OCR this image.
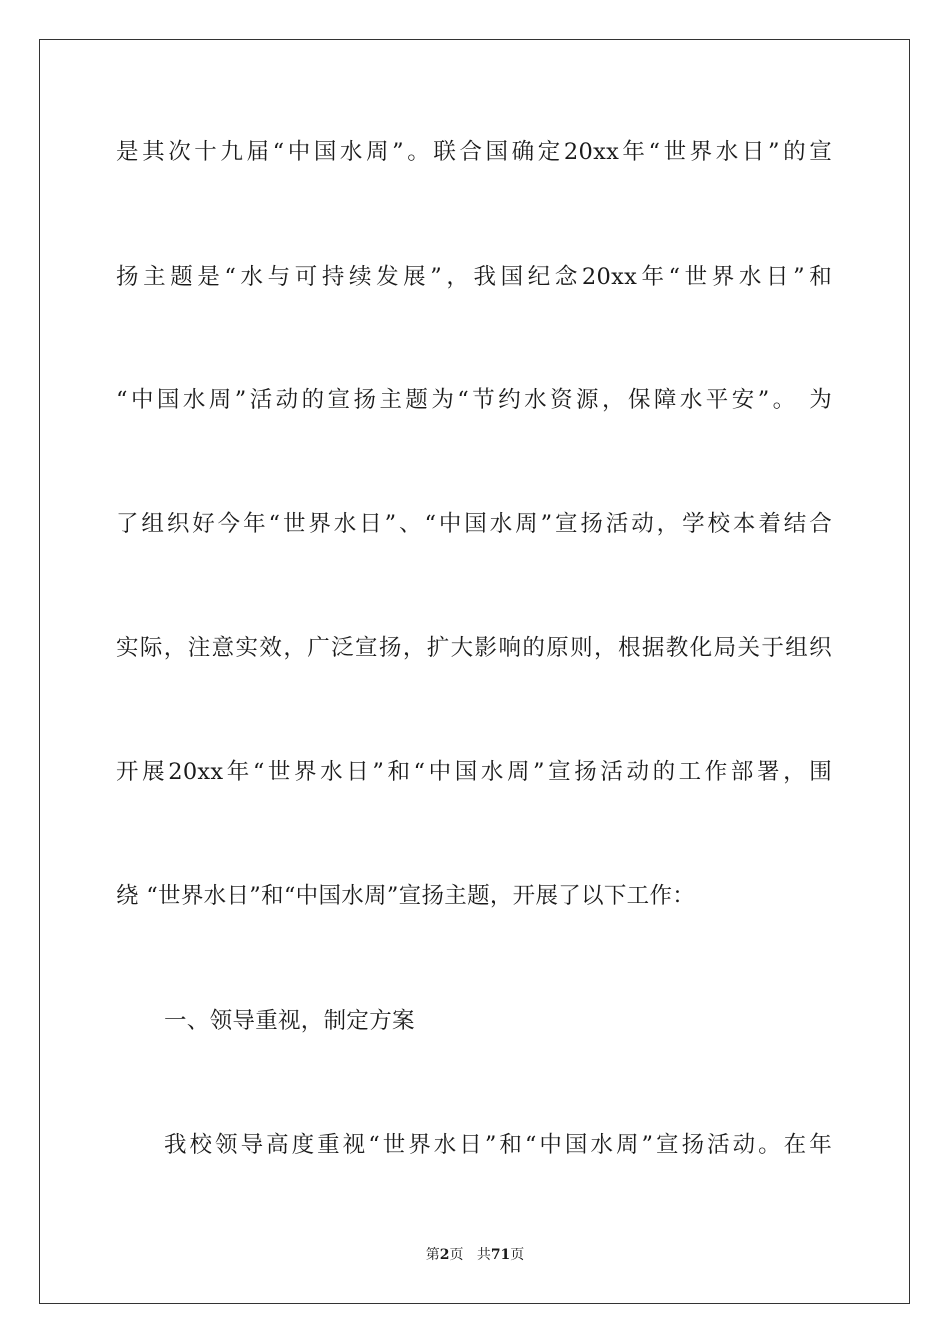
是其次十九届“中国水周”。联合国确定20xx年“世界水日”的宣
扬主题是“水与可持续发展”，我国纪念20xx年“世界水日”和
“中国水周”活动的宣扬主题为“节约水资源，保障水平安”。 为
了组织好今年“世界水日”、“中国水周”宣扬活动，学校本着结合
实际，注意实效，广泛宣扬，扩大影响的原则，根据教化局关于组织
开展20xx年“世界水日”和“中国水周”宣扬活动的工作部署，围
绕 “世界水日”和“中国水周”宣扬主题，开展了以下工作：
一、领导重视，制定方案
我校领导高度重视“世界水日”和“中国水周”宣扬活动。在年
第2页 共71页
